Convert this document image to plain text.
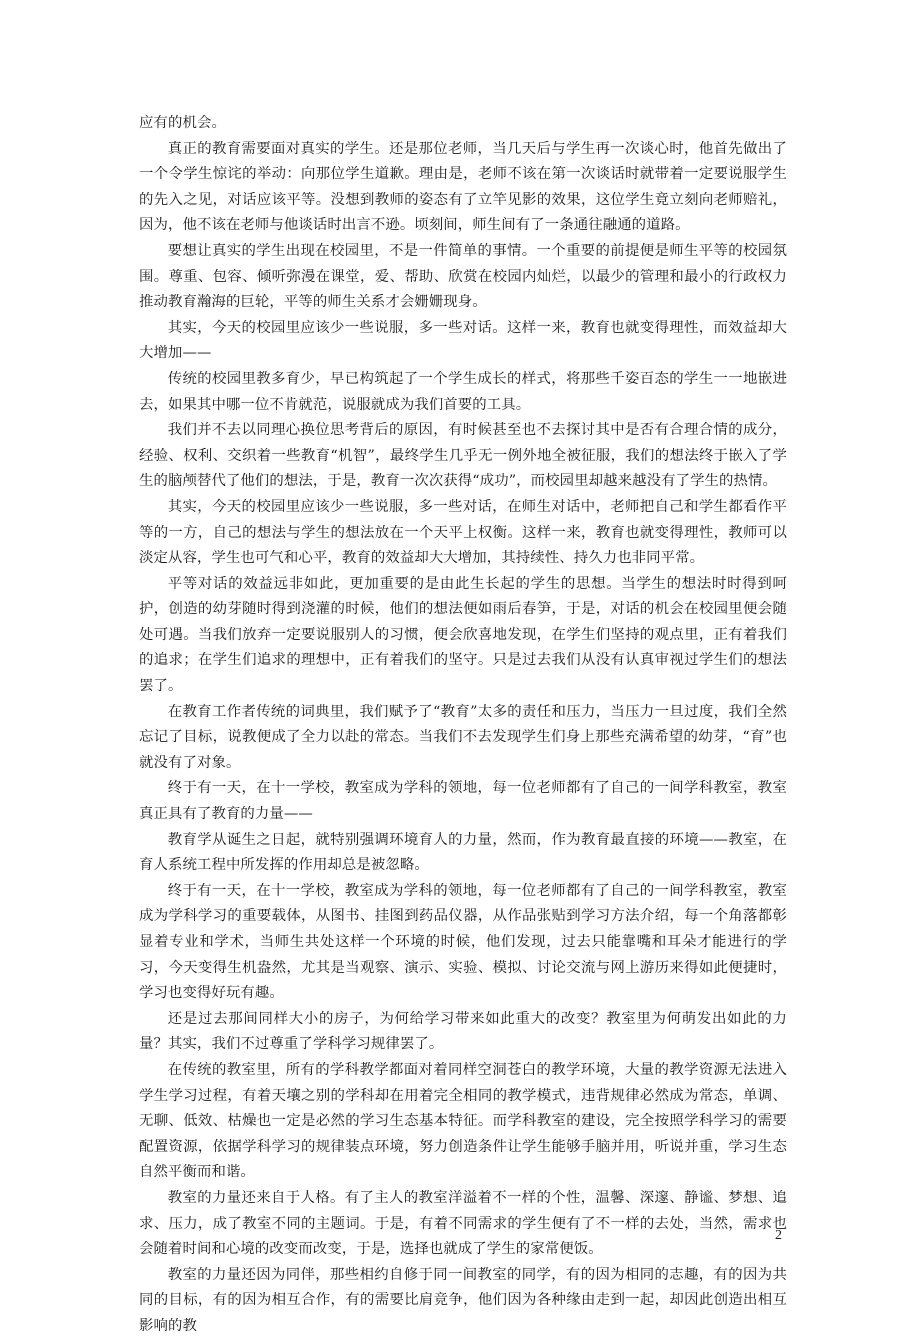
应有的机会。

真正的教育需要面对真实的学生。还是那位老师，当几天后与学生再一次谈心时，他首先做出了一个令学生惊诧的举动：向那位学生道歉。理由是，老师不该在第一次谈话时就带着一定要说服学生的先入之见，对话应该平等。没想到教师的姿态有了立竿见影的效果，这位学生竟立刻向老师赔礼，因为，他不该在老师与他谈话时出言不逊。顷刻间，师生间有了一条通往融通的道路。

要想让真实的学生出现在校园里，不是一件简单的事情。一个重要的前提便是师生平等的校园氛围。尊重、包容、倾听弥漫在课堂，爱、帮助、欣赏在校园内灿烂，以最少的管理和最小的行政权力推动教育瀚海的巨轮，平等的师生关系才会姗姗现身。

其实，今天的校园里应该少一些说服，多一些对话。这样一来，教育也就变得理性，而效益却大大增加——

传统的校园里教多育少，早已构筑起了一个学生成长的样式，将那些千姿百态的学生一一地嵌进去，如果其中哪一位不肯就范，说服就成为我们首要的工具。

我们并不去以同理心换位思考背后的原因，有时候甚至也不去探讨其中是否有合理合情的成分，经验、权利、交织着一些教育“机智”，最终学生几乎无一例外地全被征服，我们的想法终于嵌入了学生的脑颅替代了他们的想法，于是，教育一次次获得“成功”，而校园里却越来越没有了学生的热情。

其实，今天的校园里应该少一些说服，多一些对话，在师生对话中，老师把自己和学生都看作平等的一方，自己的想法与学生的想法放在一个天平上权衡。这样一来，教育也就变得理性，教师可以淡定从容，学生也可气和心平，教育的效益却大大增加，其持续性、持久力也非同平常。

平等对话的效益远非如此，更加重要的是由此生长起的学生的思想。当学生的想法时时得到呵护，创造的幼芽随时得到浇灌的时候，他们的想法便如雨后春笋，于是，对话的机会在校园里便会随处可遇。当我们放弃一定要说服别人的习惯，便会欣喜地发现，在学生们坚持的观点里，正有着我们的追求；在学生们追求的理想中，正有着我们的坚守。只是过去我们从没有认真审视过学生们的想法罢了。

在教育工作者传统的词典里，我们赋予了“教育”太多的责任和压力，当压力一旦过度，我们全然忘记了目标，说教便成了全力以赴的常态。当我们不去发现学生们身上那些充满希望的幼芽，“育”也就没有了对象。

终于有一天，在十一学校，教室成为学科的领地，每一位老师都有了自己的一间学科教室，教室真正具有了教育的力量——

教育学从诞生之日起，就特别强调环境育人的力量，然而，作为教育最直接的环境——教室，在育人系统工程中所发挥的作用却总是被忽略。

终于有一天，在十一学校，教室成为学科的领地，每一位老师都有了自己的一间学科教室，教室成为学科学习的重要载体，从图书、挂图到药品仪器，从作品张贴到学习方法介绍，每一个角落都彰显着专业和学术，当师生共处这样一个环境的时候，他们发现，过去只能靠嘴和耳朵才能进行的学习，今天变得生机盎然，尤其是当观察、演示、实验、模拟、讨论交流与网上游历来得如此便捷时，学习也变得好玩有趣。

还是过去那间同样大小的房子，为何给学习带来如此重大的改变？教室里为何萌发出如此的力量？其实，我们不过尊重了学科学习规律罢了。

在传统的教室里，所有的学科教学都面对着同样空洞苍白的教学环境，大量的教学资源无法进入学生学习过程，有着天壤之别的学科却在用着完全相同的教学模式，违背规律必然成为常态，单调、无聊、低效、枯燥也一定是必然的学习生态基本特征。而学科教室的建设，完全按照学科学习的需要配置资源，依据学科学习的规律装点环境，努力创造条件让学生能够手脑并用，听说并重，学习生态自然平衡而和谐。

教室的力量还来自于人格。有了主人的教室洋溢着不一样的个性，温馨、深邃、静谧、梦想、追求、压力，成了教室不同的主题词。于是，有着不同需求的学生便有了不一样的去处，当然，需求也会随着时间和心境的改变而改变，于是，选择也就成了学生的家常便饭。

教室的力量还因为同伴，那些相约自修于同一间教室的同学，有的因为相同的志趣，有的因为共同的目标，有的因为相互合作，有的需要比肩竞争，他们因为各种缘由走到一起，却因此创造出相互影响的教

2
